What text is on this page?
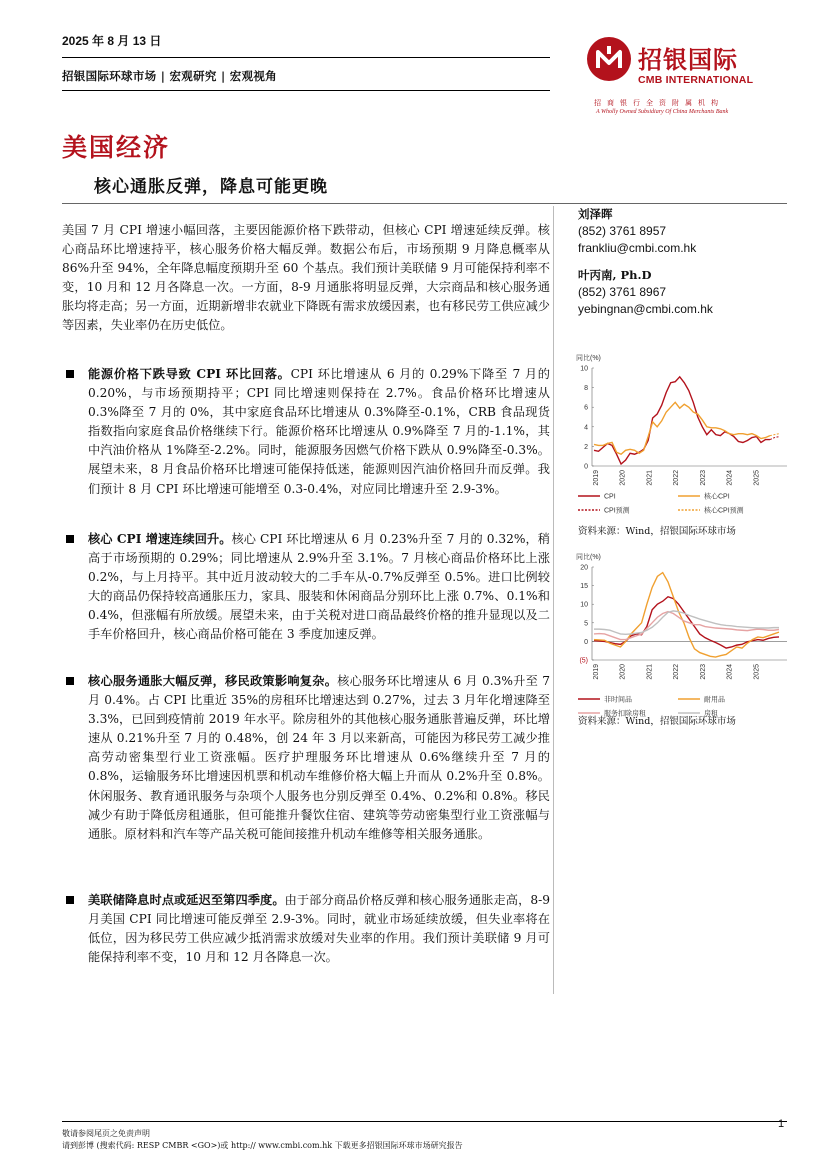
2025 年 8 月 13 日
招银国际环球市场 | 宏观研究 | 宏观视角
招银国际
CMB INTERNATIONAL
招商银行全资附属机构
A Wholly Owned Subsidiary Of China Merchants Bank
美国经济
核心通胀反弹，降息可能更晚
美国 7 月 CPI 增速小幅回落，主要因能源价格下跌带动，但核心 CPI 增速延续反弹。核心商品环比增速持平，核心服务价格大幅反弹。数据公布后，市场预期 9 月降息概率从 86%升至 94%，全年降息幅度预期升至 60 个基点。我们预计美联储 9 月可能保持利率不变，10 月和 12 月各降息一次。一方面，8-9 月通胀将明显反弹，大宗商品和核心服务通胀均将走高；另一方面，近期新增非农就业下降既有需求放缓因素，也有移民劳工供应减少等因素，失业率仍在历史低位。
能源价格下跌导致 CPI 环比回落。CPI 环比增速从 6 月的 0.29%下降至 7 月的 0.20%，与市场预期持平；CPI 同比增速则保持在 2.7%。食品价格环比增速从 0.3%降至 7 月的 0%，其中家庭食品环比增速从 0.3%降至-0.1%，CRB 食品现货指数指向家庭食品价格继续下行。能源价格环比增速从 0.9%降至 7 月的-1.1%，其中汽油价格从 1%降至-2.2%。同时，能源服务因燃气价格下跌从 0.9%降至-0.3%。展望未来，8 月食品价格环比增速可能保持低迷，能源则因汽油价格回升而反弹。我们预计 8 月 CPI 环比增速可能增至 0.3-0.4%，对应同比增速升至 2.9-3%。
核心 CPI 增速连续回升。核心 CPI 环比增速从 6 月 0.23%升至 7 月的 0.32%，稍高于市场预期的 0.29%；同比增速从 2.9%升至 3.1%。7 月核心商品价格环比上涨 0.2%，与上月持平。其中近月波动较大的二手车从-0.7%反弹至 0.5%。进口比例较大的商品仍保持较高通胀压力，家具、服装和休闲商品分别环比上涨 0.7%、0.1%和 0.4%，但涨幅有所放缓。展望未来，由于关税对进口商品最终价格的推升显现以及二手车价格回升，核心商品价格可能在 3 季度加速反弹。
核心服务通胀大幅反弹，移民政策影响复杂。核心服务环比增速从 6 月 0.3%升至 7 月 0.4%。占 CPI 比重近 35%的房租环比增速达到 0.27%，过去 3 月年化增速降至 3.3%，已回到疫情前 2019 年水平。除房租外的其他核心服务通胀普遍反弹，环比增速从 0.21%升至 7 月的 0.48%，创 24 年 3 月以来新高，可能因为移民劳工减少推高劳动密集型行业工资涨幅。医疗护理服务环比增速从 0.6%继续升至 7 月的 0.8%，运输服务环比增速因机票和机动车维修价格大幅上升而从 0.2%升至 0.8%。休闲服务、教育通讯服务与杂项个人服务也分别反弹至 0.4%、0.2%和 0.8%。移民减少有助于降低房租通胀，但可能推升餐饮住宿、建筑等劳动密集型行业工资涨幅与通胀。原材料和汽车等产品关税可能间接推升机动车维修等相关服务通胀。
美联储降息时点或延迟至第四季度。由于部分商品价格反弹和核心服务通胀走高，8-9 月美国 CPI 同比增速可能反弹至 2.9-3%。同时，就业市场延续放缓，但失业率将在低位，因为移民劳工供应减少抵消需求放缓对失业率的作用。我们预计美联储 9 月可能保持利率不变，10 月和 12 月各降息一次。
刘泽晖
(852) 3761 8957
frankliu@cmbi.com.hk
叶丙南, Ph.D
(852) 3761 8967
yebingnan@cmbi.com.hk
同比(%)
10
8
6
4
2
0
2019	2020	2021	2022	2023	2024	2025
CPI	核心CPI
CPI预测	核心CPI预测
资料来源：Wind，招银国际环球市场
同比(%)
20
15
10
5
0
(5)
2019	2020	2021	2022	2023	2024	2025
非时间品	耐用品
服务扣除房租	房租
资料来源：Wind，招银国际环球市场
敬请参阅尾页之免责声明
请到彭博 (搜索代码: RESP CMBR <GO>)或 http:// www.cmbi.com.hk 下载更多招银国际环球市场研究报告
1
